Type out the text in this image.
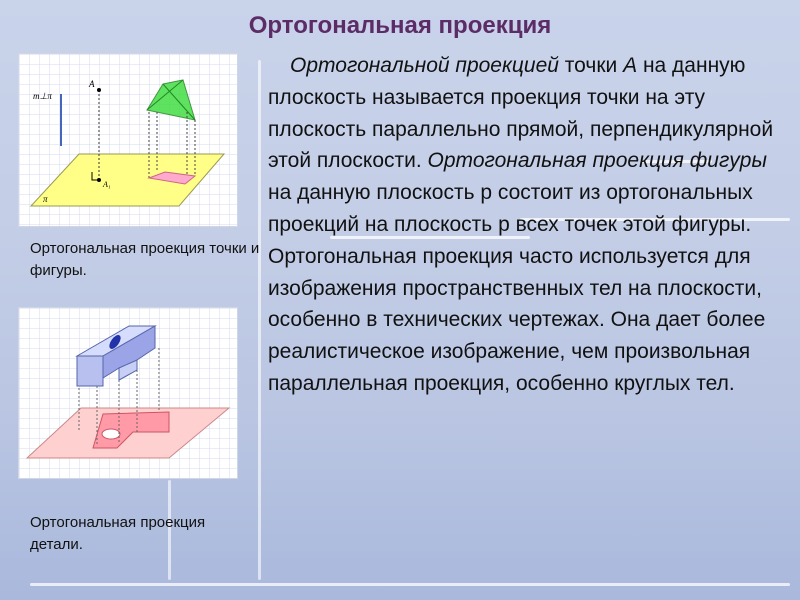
Ортогональная проекция

Ортогональной проекцией точки А на данную плоскость называется проекция точки на эту плоскость параллельно прямой, перпендикулярной этой плоскости. Ортогональная проекция фигуры на данную плоскость p состоит из ортогональных проекций на плоскость p всех точек этой фигуры. Ортогональная проекция часто используется для изображения пространственных тел на плоскости, особенно в технических чертежах. Она дает более реалистическое изображение, чем произвольная параллельная проекция, особенно круглых тел.

m⊥π
π
A
A₁
Ортогональная проекция точки и фигуры.
Ортогональная проекция детали.
